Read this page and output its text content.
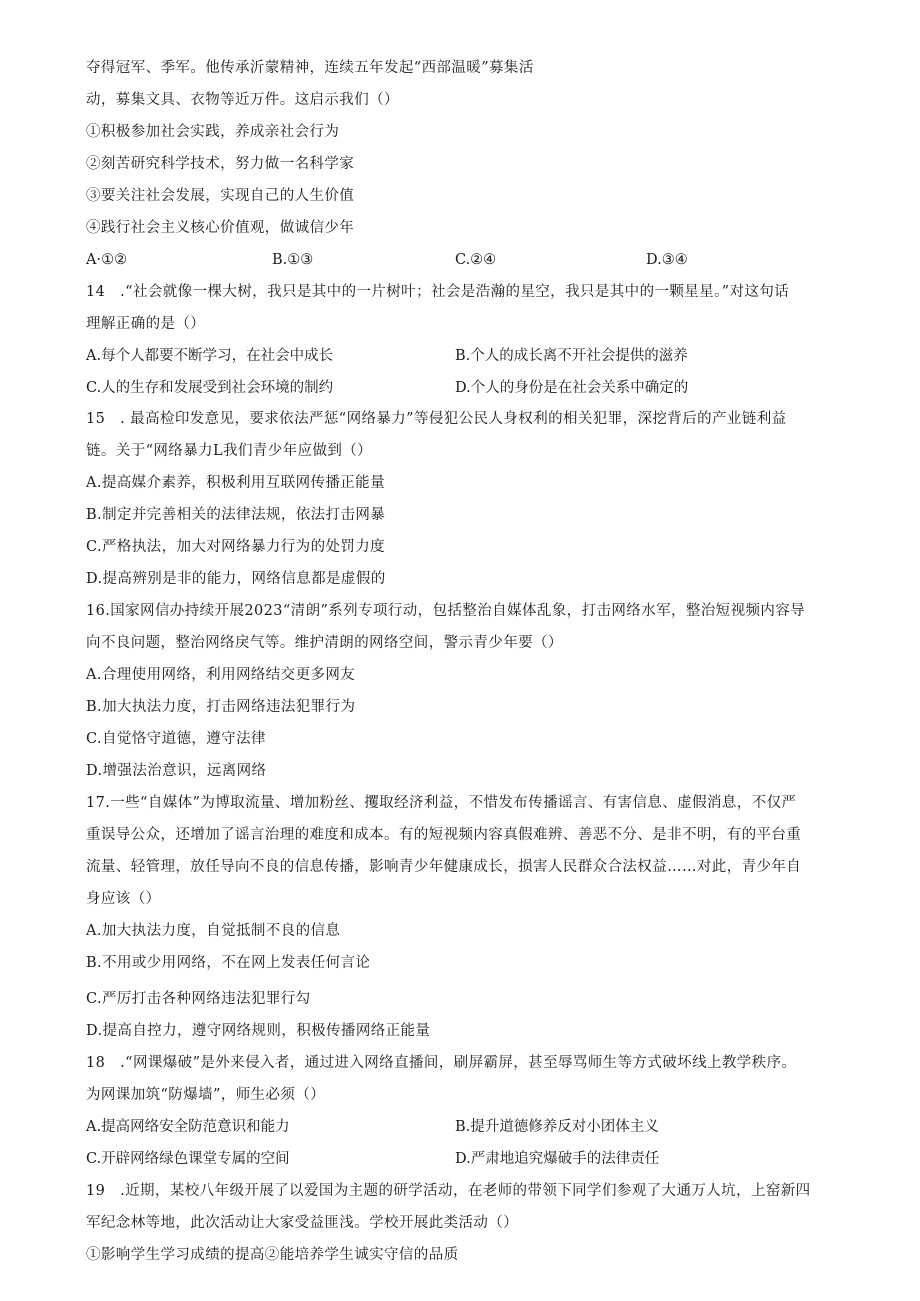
夺得冠军、季军。他传承沂蒙精神，连续五年发起“西部温暖”募集活
动，募集文具、衣物等近万件。这启示我们（）
①积极参加社会实践，养成亲社会行为
②刻苦研究科学技术，努力做一名科学家
③要关注社会发展，实现自己的人生价值
④践行社会主义核心价值观，做诚信少年
A·①②	B.①③	C.②④	D.③④
14　.“社会就像一棵大树，我只是其中的一片树叶；社会是浩瀚的星空，我只是其中的一颗星星。”对这句话
理解正确的是（）
A.每个人都要不断学习，在社会中成长	B.个人的成长离不开社会提供的滋养
C.人的生存和发展受到社会环境的制约	D.个人的身份是在社会关系中确定的
15　. 最高检印发意见，要求依法严惩“网络暴力”等侵犯公民人身权利的相关犯罪，深挖背后的产业链利益
链。关于“网络暴力L我们青少年应做到（）
A.提高媒介素养，积极利用互联网传播正能量
B.制定并完善相关的法律法规，依法打击网暴
C.严格执法，加大对网络暴力行为的处罚力度
D.提高辨别是非的能力，网络信息都是虚假的
16.国家网信办持续开展2023“清朗”系列专项行动，包括整治自媒体乱象，打击网络水军，整治短视频内容导
向不良问题，整治网络戾气等。维护清朗的网络空间，警示青少年要（）
A.合理使用网络，利用网络结交更多网友
B.加大执法力度，打击网络违法犯罪行为
C.自觉恪守道德，遵守法律
D.增强法治意识，远离网络
17.一些“自媒体”为博取流量、增加粉丝、攫取经济利益，不惜发布传播谣言、有害信息、虚假消息，不仅严
重误导公众，还增加了谣言治理的难度和成本。有的短视频内容真假难辨、善恶不分、是非不明，有的平台重
流量、轻管理，放任导向不良的信息传播，影响青少年健康成长，损害人民群众合法权益……对此，青少年自
身应该（）
A.加大执法力度，自觉抵制不良的信息
B.不用或少用网络，不在网上发表任何言论
C.严厉打击各种网络违法犯罪行勾
D.提高自控力，遵守网络规则，积极传播网络正能量
18　.“网课爆破”是外来侵入者，通过进入网络直播间，刷屏霸屏，甚至辱骂师生等方式破坏线上教学秩序。
为网课加筑“防爆墙”，师生必须（）
A.提高网络安全防范意识和能力	B.提升道德修养反对小团体主义
C.开辟网络绿色课堂专属的空间	D.严肃地追究爆破手的法律责任
19　.近期，某校八年级开展了以爱国为主题的研学活动，在老师的带领下同学们参观了大通万人坑，上窑新四
军纪念林等地，此次活动让大家受益匪浅。学校开展此类活动（）
①影响学生学习成绩的提高②能培养学生诚实守信的品质
